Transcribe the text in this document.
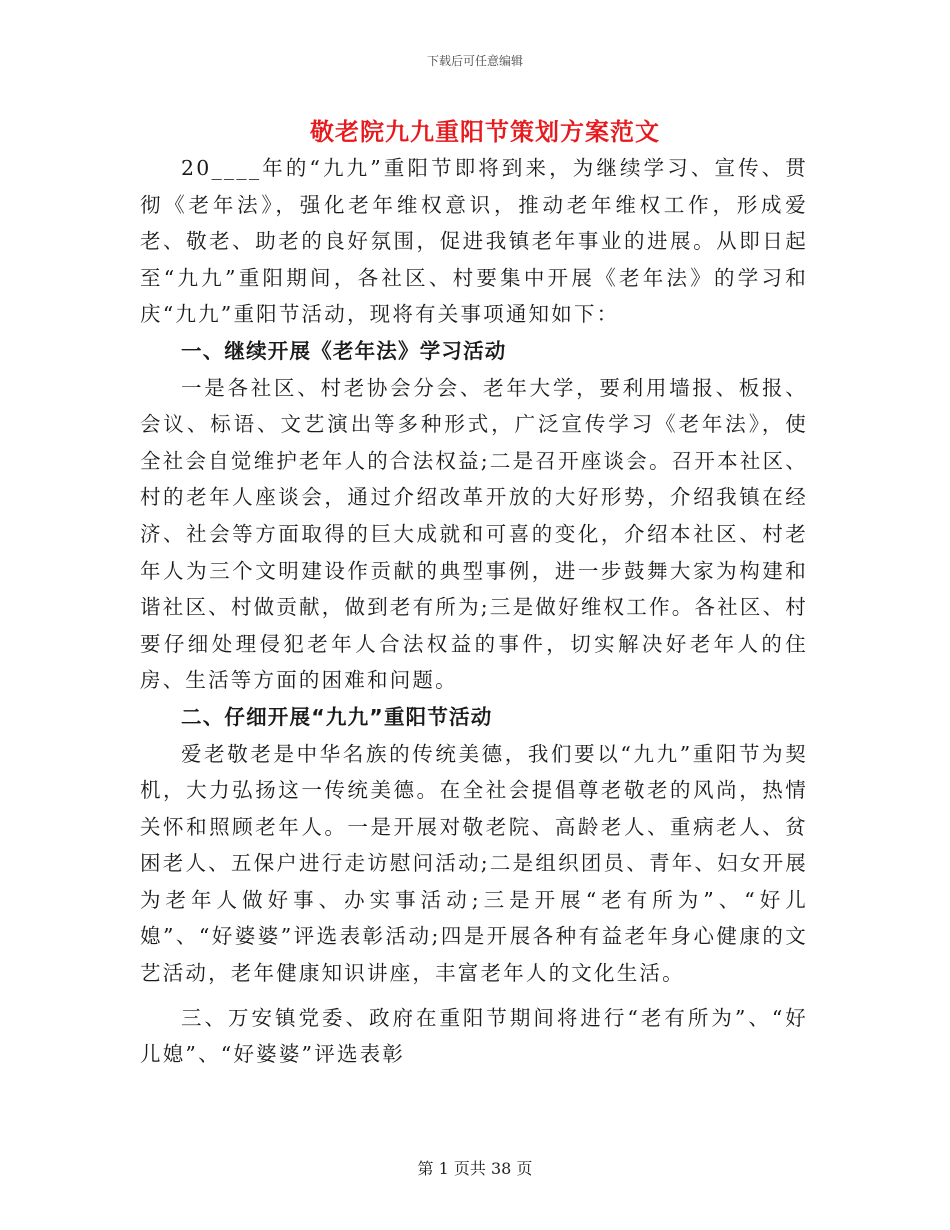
下载后可任意编辑
敬老院九九重阳节策划方案范文

20____年的“九九”重阳节即将到来，为继续学习、宣传、贯彻《老年法》，强化老年维权意识，推动老年维权工作，形成爱老、敬老、助老的良好氛围，促进我镇老年事业的进展。从即日起至“九九”重阳期间，各社区、村要集中开展《老年法》的学习和庆“九九”重阳节活动，现将有关事项通知如下：

一、继续开展《老年法》学习活动

一是各社区、村老协会分会、老年大学，要利用墙报、板报、会议、标语、文艺演出等多种形式，广泛宣传学习《老年法》，使全社会自觉维护老年人的合法权益;二是召开座谈会。召开本社区、村的老年人座谈会，通过介绍改革开放的大好形势，介绍我镇在经济、社会等方面取得的巨大成就和可喜的变化，介绍本社区、村老年人为三个文明建设作贡献的典型事例，进一步鼓舞大家为构建和谐社区、村做贡献，做到老有所为;三是做好维权工作。各社区、村要仔细处理侵犯老年人合法权益的事件，切实解决好老年人的住房、生活等方面的困难和问题。

二、仔细开展“九九”重阳节活动

爱老敬老是中华名族的传统美德，我们要以“九九”重阳节为契机，大力弘扬这一传统美德。在全社会提倡尊老敬老的风尚，热情关怀和照顾老年人。一是开展对敬老院、高龄老人、重病老人、贫困老人、五保户进行走访慰问活动;二是组织团员、青年、妇女开展为老年人做好事、办实事活动;三是开展“老有所为”、“好儿媳”、“好婆婆”评选表彰活动;四是开展各种有益老年身心健康的文艺活动，老年健康知识讲座，丰富老年人的文化生活。

三、万安镇党委、政府在重阳节期间将进行“老有所为”、“好儿媳”、“好婆婆”评选表彰

第 1 页共 38 页
